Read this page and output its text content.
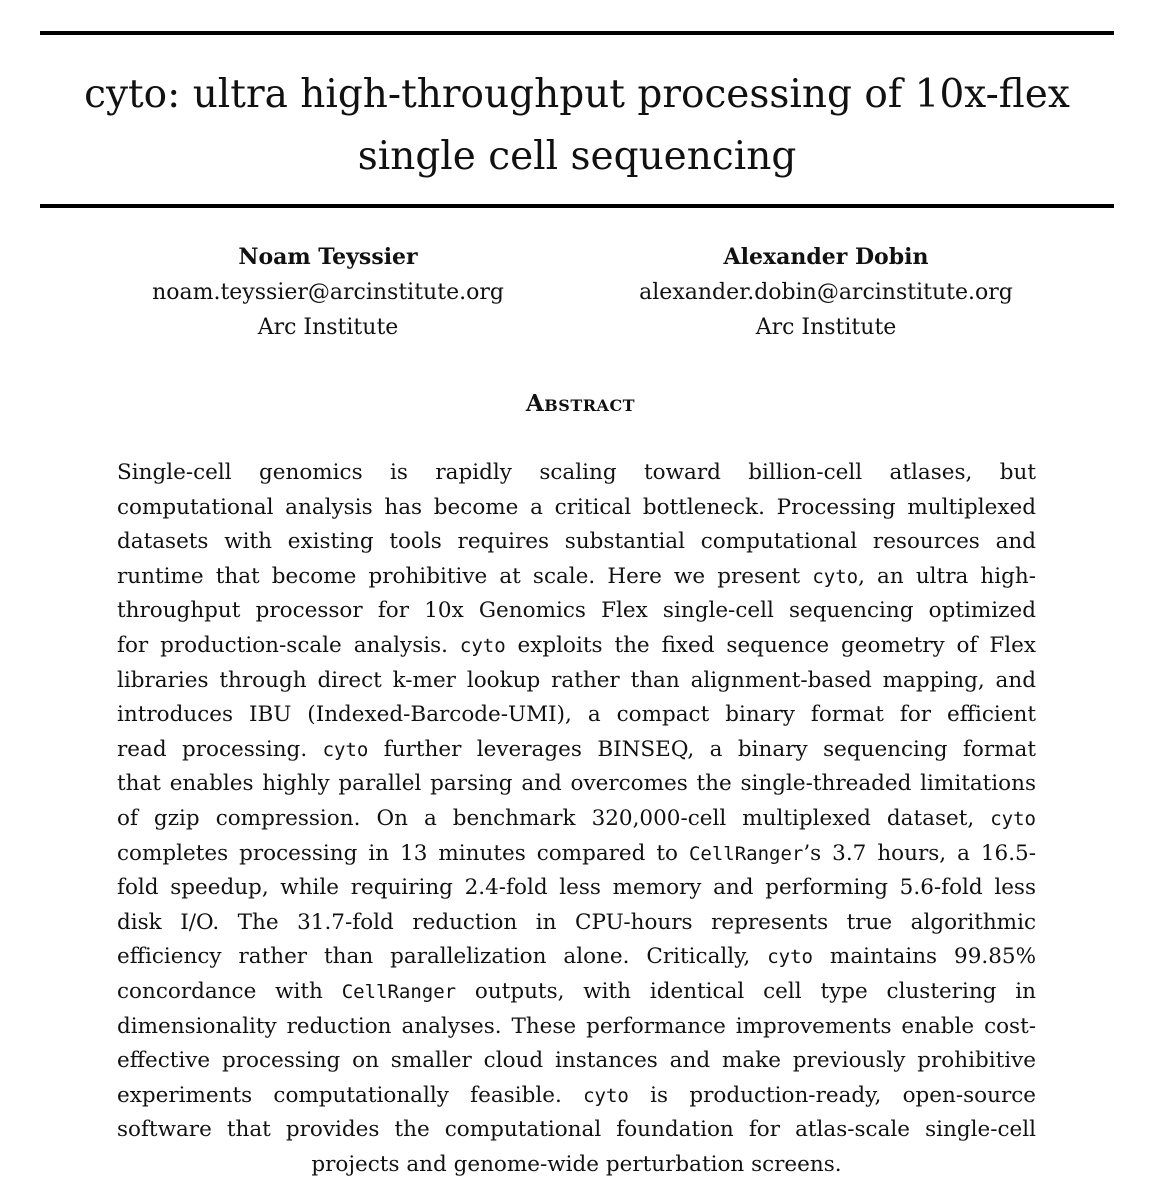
cyto: ultra high-throughput processing of 10x-flex
single cell sequencing
Noam Teyssier
noam.teyssier@arcinstitute.org
Arc Institute
Alexander Dobin
alexander.dobin@arcinstitute.org
Arc Institute
Abstract
Single-cell genomics is rapidly scaling toward billion-cell atlases, but
computational analysis has become a critical bottleneck. Processing multiplexed
datasets with existing tools requires substantial computational resources and
runtime that become prohibitive at scale. Here we present cyto, an ultra high-
throughput processor for 10x Genomics Flex single-cell sequencing optimized
for production-scale analysis. cyto exploits the fixed sequence geometry of Flex
libraries through direct k-mer lookup rather than alignment-based mapping, and
introduces IBU (Indexed-Barcode-UMI), a compact binary format for efficient
read processing. cyto further leverages BINSEQ, a binary sequencing format
that enables highly parallel parsing and overcomes the single-threaded limitations
of gzip compression. On a benchmark 320,000-cell multiplexed dataset, cyto
completes processing in 13 minutes compared to CellRanger’s 3.7 hours, a 16.5-
fold speedup, while requiring 2.4-fold less memory and performing 5.6-fold less
disk I/O. The 31.7-fold reduction in CPU-hours represents true algorithmic
efficiency rather than parallelization alone. Critically, cyto maintains 99.85%
concordance with CellRanger outputs, with identical cell type clustering in
dimensionality reduction analyses. These performance improvements enable cost-
effective processing on smaller cloud instances and make previously prohibitive
experiments computationally feasible. cyto is production-ready, open-source
software that provides the computational foundation for atlas-scale single-cell
projects and genome-wide perturbation screens.
